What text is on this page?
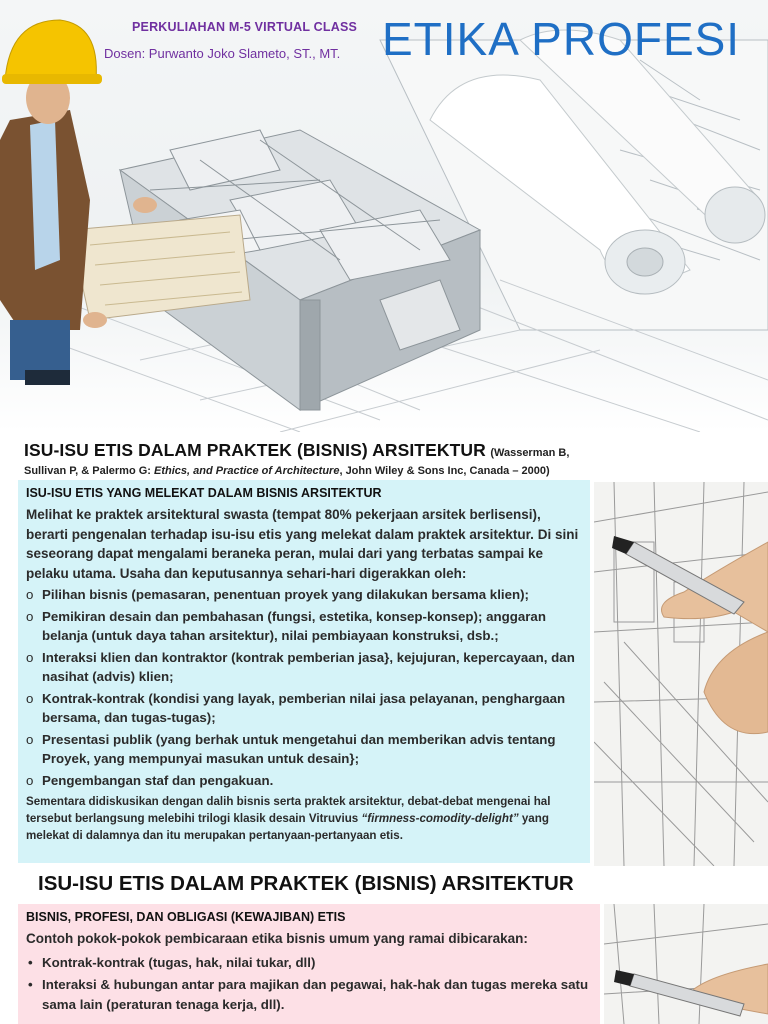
PERKULIAHAN M-5 VIRTUAL CLASS
Dosen: Purwanto Joko Slameto, ST., MT. ETIKA PROFESI
ISU-ISU ETIS DALAM PRAKTEK (BISNIS) ARSITEKTUR (Wasserman B,
Sullivan P, & Palermo G: Ethics, and Practice of Architecture, John Wiley & Sons Inc, Canada – 2000)
ISU-ISU ETIS YANG MELEKAT DALAM BISNIS ARSITEKTUR
Melihat ke praktek arsitektural swasta (tempat 80% pekerjaan arsitek berlisensi), berarti pengenalan terhadap isu-isu etis yang melekat dalam praktek arsitektur. Di sini seseorang dapat mengalami beraneka peran, mulai dari yang terbatas sampai ke pelaku utama. Usaha dan keputusannya sehari-hari digerakkan oleh:
o Pilihan bisnis (pemasaran, penentuan proyek yang dilakukan bersama klien);
o Pemikiran desain dan pembahasan (fungsi, estetika, konsep-konsep); anggaran belanja (untuk daya tahan arsitektur), nilai pembiayaan konstruksi, dsb.;
o Interaksi klien dan kontraktor (kontrak pemberian jasa}, kejujuran, kepercayaan, dan nasihat (advis) klien;
o Kontrak-kontrak (kondisi yang layak, pemberian nilai jasa pelayanan, penghargaan bersama, dan tugas-tugas);
o Presentasi publik (yang berhak untuk mengetahui dan memberikan advis tentang Proyek, yang mempunyai masukan untuk desain};
o Pengembangan staf dan pengakuan.
Sementara didiskusikan dengan dalih bisnis serta praktek arsitektur, debat-debat mengenai hal tersebut berlangsung melebihi trilogi klasik desain Vitruvius “firmness-comodity-delight” yang melekat di dalamnya dan itu merupakan pertanyaan-pertanyaan etis.
ISU-ISU ETIS DALAM PRAKTEK (BISNIS) ARSITEKTUR
BISNIS, PROFESI, DAN OBLIGASI (KEWAJIBAN) ETIS
Contoh pokok-pokok pembicaraan etika bisnis umum yang ramai dibicarakan:
• Kontrak-kontrak (tugas, hak, nilai tukar, dll)
• Interaksi & hubungan antar para majikan dan pegawai, hak-hak dan tugas mereka satu sama lain (peraturan tenaga kerja, dll).
